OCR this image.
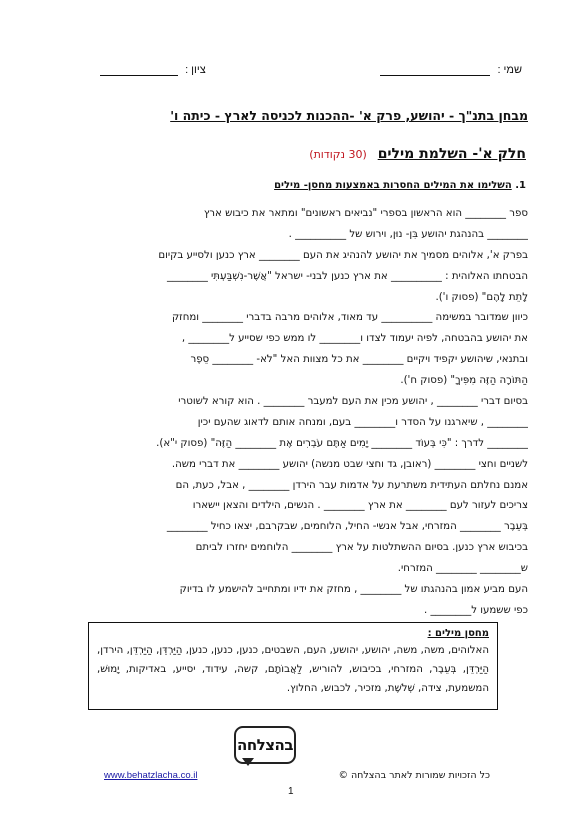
שמי :
ציון :
מבחן בתנ"ך - יהושע, פרק א' -ההכנות לכניסה לארץ - כיתה ו'
חלק א'- השלמת מילים (30 נקודות)
1. השלימו את המילים החסרות באמצעות מחסן- מילים
ספר ________ הוא הראשון בספרי "נביאים ראשונים" ומתאר את כיבוש ארץ
________ בהנהגת יהושע בִּן- נוּן, וירוש של __________ .
בפרק א', אלוהים מסמיך את יהושע להנהיג את העם ________ ארץ כנען ולסייע בקיום
הבטחתו האלוהית : __________ את ארץ כנען לבני- ישראל "אֲשֶׁר-נִשְׁבַּעְתִּי ________
לָתֵת לָהֶם" (פסוק ו').
כיוון שמדובר במשימה __________ עד מאוד, אלוהים מרבה בדברי ________ ומחזק
את יהושע בהבטחה, לפיה יעמוד לצדו ו________ לו ממש כפי שסייע ל________ ,
ובתנאי, שיהושע יקפיד ויקיים ________ את כל מצוות האל "לֹא- ________ סֵפֶר
הַתּוֹרָה הַזֶּה מִפִּיךָ" (פסוק ח').
בסיום דברי ________ , יהושע מכין את העם למעבר ________ . הוא קורא לשוטרי
________ , שיארגנו על הסדר ו________ בעם, ומנחה אותם לדאוג שהעם יכין
________ לדרך : "כִּי בְּעוֹד ________ יָמִים אַתֶּם עֹבְרִים אֶת ________ הַזֶּה" (פסוק י"א).
לשניים וחצי ________ (ראובן, גד וחצי שבט מנשה) יהושע ________ את דברי משה.
אמנם נחלתם העתידית משתרעת על אדמות עבר הירדן ________ , אבל, כעת, הם
צריכים לעזור לעם ________ את ארץ ________ . הנשים, הילדים והצאן יישארו
בְּעֵבֶר ________ המזרחי, אבל אנשי- החיל, הלוחמים, שבקרבם, יצאו כחיל ________
בכיבוש ארץ כנען. בסיום ההשתלטות על ארץ ________ הלוחמים יחזרו לביתם
ש________ ________ המזרחי.
העם מביע אמון בהנהגתו של ________ , מחזק את ידיו ומתחייב להישמע לו בדיוק
כפי ששמעו ל________ .
מחסן מילים :
האלוהים, משה, משה, יהושע, יהושע, העם, השבטים, כנען, כנען, כנען, הַיַּרְדֵּן, הַיַּרְדֵּן, הירדן, הַיַּרְדֵּן, בְּעֵבֶר, המזרחי, בכיבוש, להוריש, לַאֲבוֹתָם, קשה, עידוד, יסייע, באדיקות, יָמוּשׁ, המשמעת, צידה, שְׁלשֶׁת, מזכיר, לכבוש, החלוץ.
בהצלחה
www.behatzlacha.co.il	כל הזכויות שמורות לאתר בהצלחה ©
1
